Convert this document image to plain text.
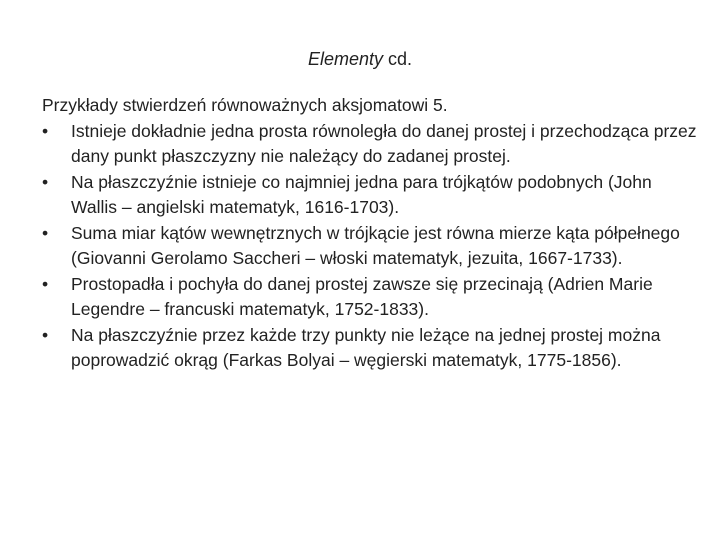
Elementy cd.

Przykłady stwierdzeń równoważnych aksjomatowi 5.

•	Istnieje dokładnie jedna prosta równoległa do danej prostej i przechodząca przez dany punkt płaszczyzny nie należący do zadanej prostej.
•	Na płaszczyźnie istnieje co najmniej jedna para trójkątów podobnych (John Wallis – angielski matematyk, 1616-1703).
•	Suma miar kątów wewnętrznych w trójkącie jest równa mierze kąta półpełnego (Giovanni Gerolamo Saccheri – włoski matematyk, jezuita, 1667-1733).
•	Prostopadła i pochyła do danej prostej zawsze się przecinają (Adrien Marie Legendre – francuski matematyk, 1752-1833).
•	Na płaszczyźnie przez każde trzy punkty nie leżące na jednej prostej można poprowadzić okrąg (Farkas Bolyai – węgierski matematyk, 1775-1856).
